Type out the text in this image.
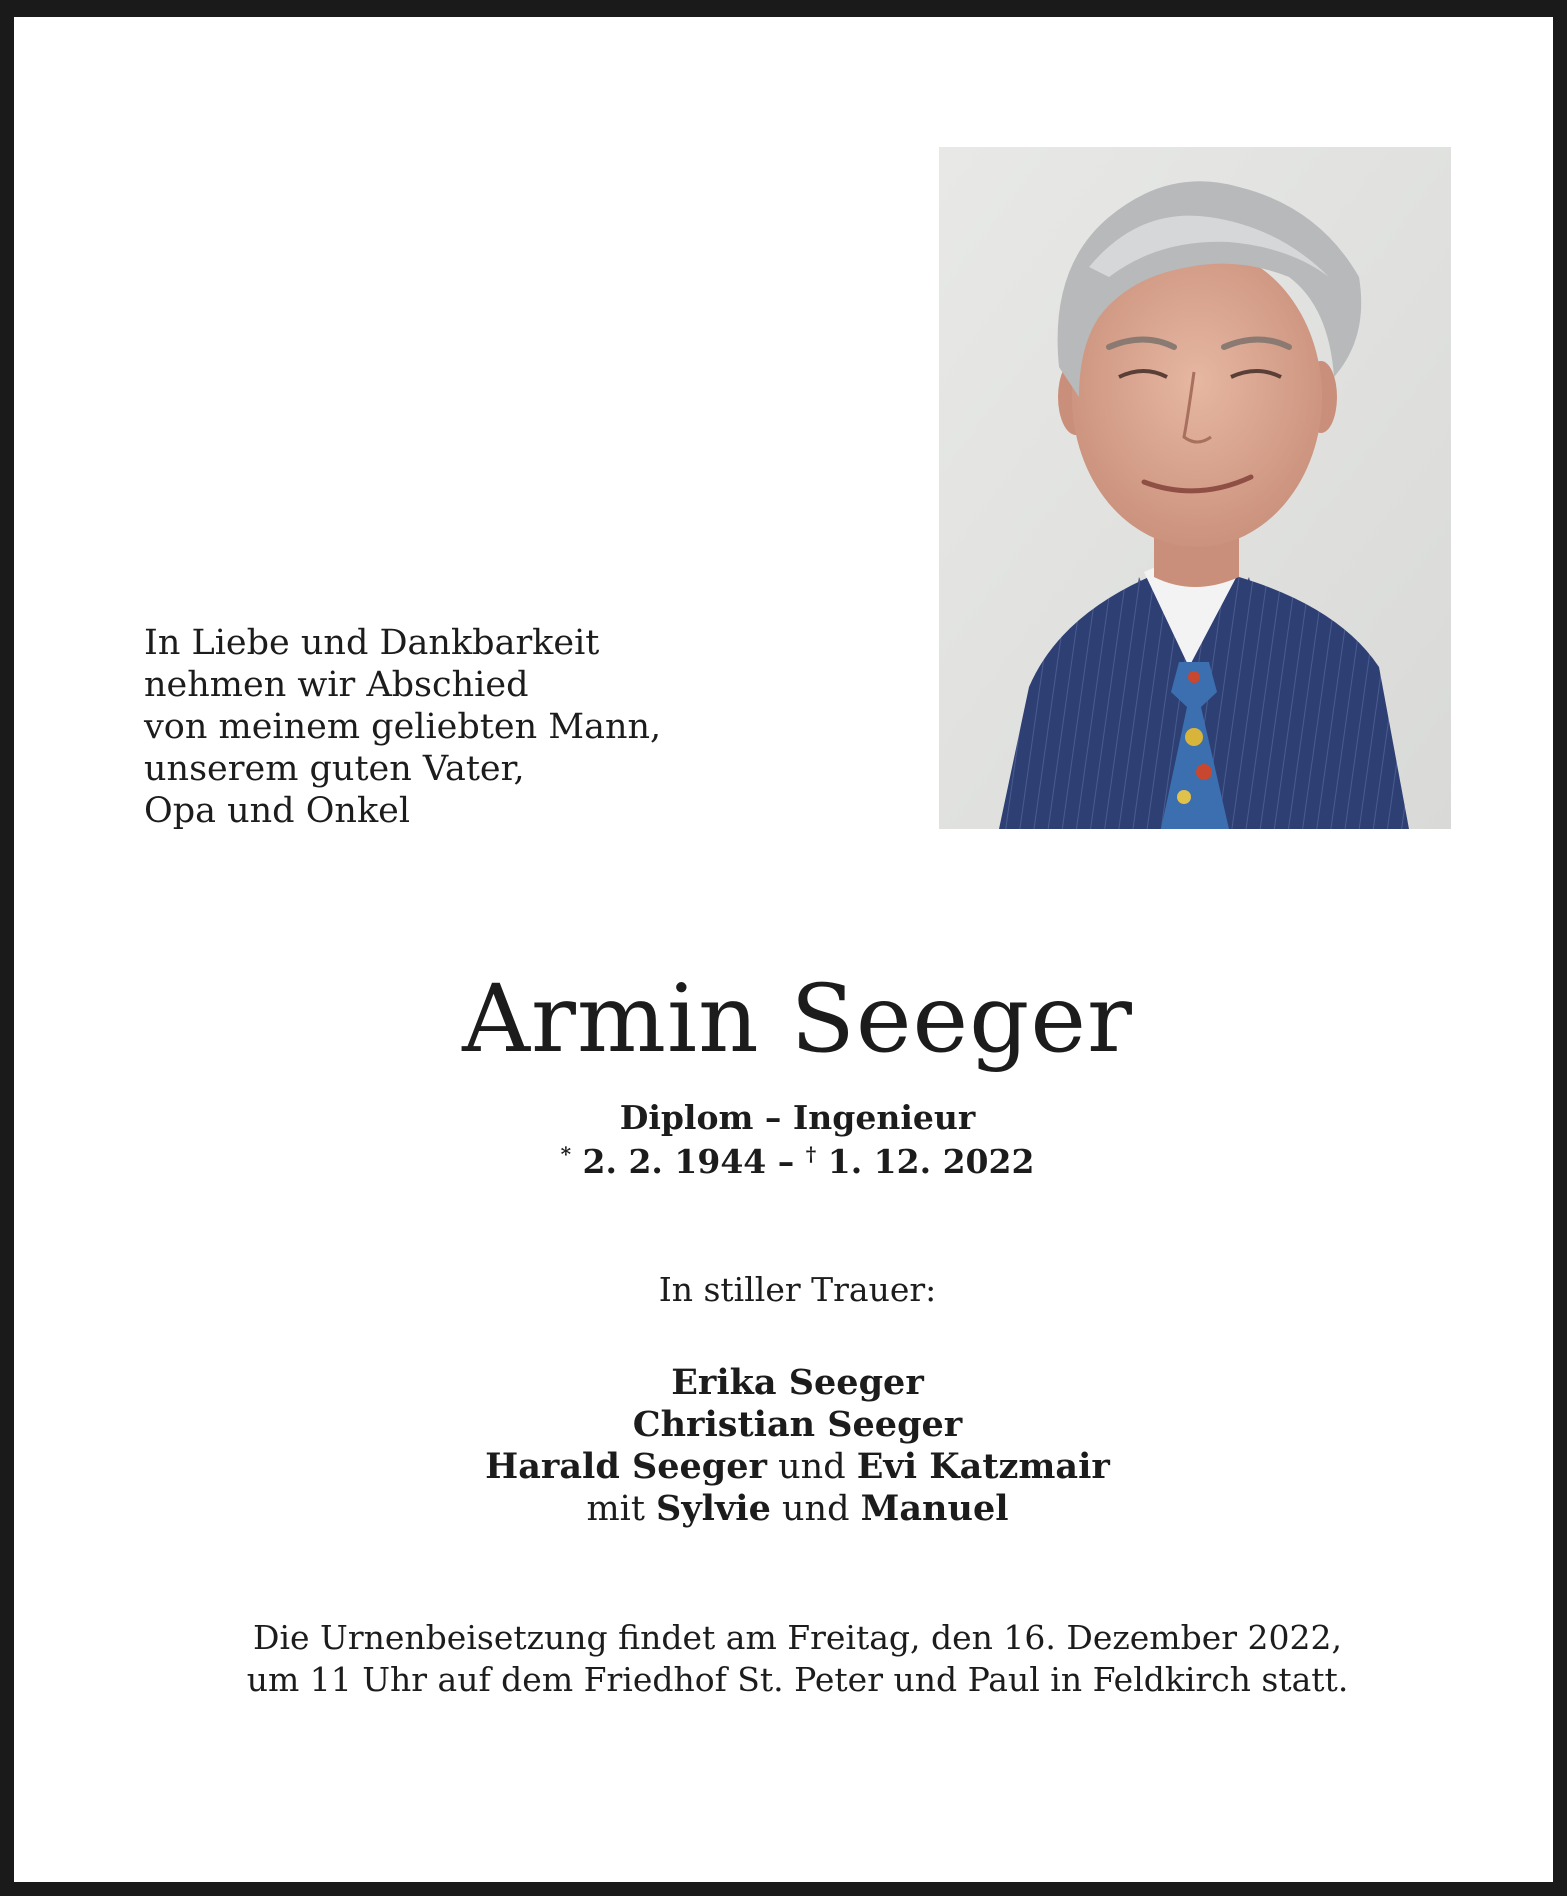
In Liebe und Dankbarkeit
nehmen wir Abschied
von meinem geliebten Mann,
unserem guten Vater,
Opa und Onkel
Armin Seeger
Diplom – Ingenieur
* 2. 2. 1944 – † 1. 12. 2022
In stiller Trauer:
Erika Seeger
Christian Seeger
Harald Seeger und Evi Katzmair
mit Sylvie und Manuel
Die Urnenbeisetzung findet am Freitag, den 16. Dezember 2022,
um 11 Uhr auf dem Friedhof St. Peter und Paul in Feldkirch statt.
